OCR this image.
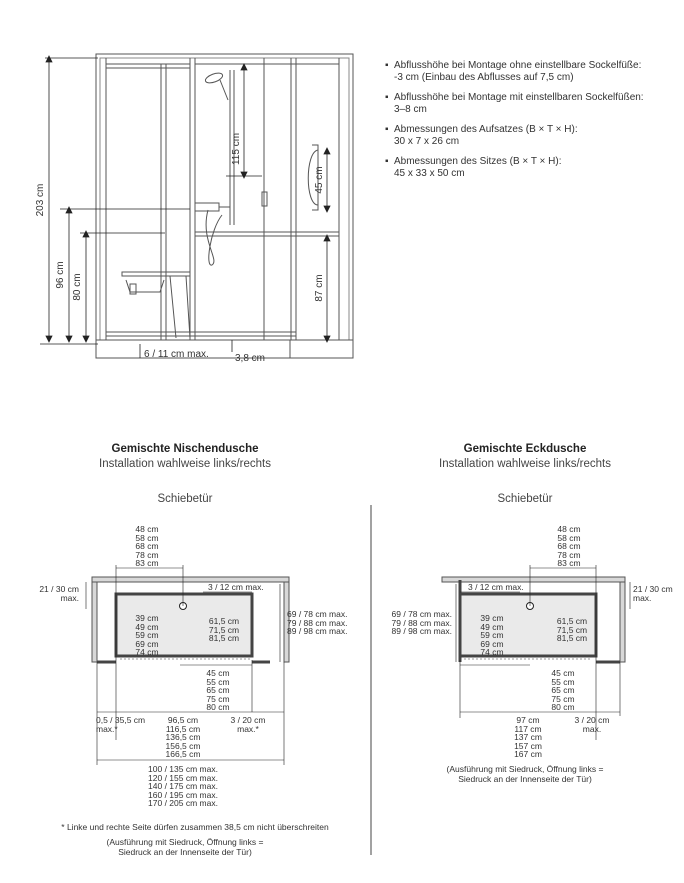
203 cm
96 cm 80 cm
115 cm
45 cm
87 cm
6 / 11 cm max.	3,8 cm
▪ Abflusshöhe bei Montage ohne einstellbare Sockelfüße:
-3 cm (Einbau des Abflusses auf 7,5 cm)
▪ Abflusshöhe bei Montage mit einstellbaren Sockelfüßen:
3–8 cm
▪ Abmessungen des Aufsatzes (B × T × H):
30 x 7 x 26 cm
▪ Abmessungen des Sitzes (B × T × H):
45 x 33 x 50 cm
Gemischte Nischendusche
Installation wahlweise links/rechts
Schiebetür
48 cm
58 cm
68 cm
78 cm
83 cm
21 / 30 cm
max.
3 / 12 cm max.
39 cm
49 cm
59 cm
69 cm
74 cm
61,5 cm
71,5 cm
81,5 cm
69 / 78 cm max.
79 / 88 cm max.
89 / 98 cm max.
45 cm
55 cm
65 cm
75 cm
80 cm
0,5 / 35,5 cm
max.*
96,5 cm
116,5 cm
136,5 cm
156,5 cm
166,5 cm
3 / 20 cm
max.*
100 / 135 cm max.
120 / 155 cm max.
140 / 175 cm max.
160 / 195 cm max.
170 / 205 cm max.
* Linke und rechte Seite dürfen zusammen 38,5 cm nicht überschreiten
(Ausführung mit Siedruck, Öffnung links =
Siedruck an der Innenseite der Tür)
Gemischte Eckdusche
Installation wahlweise links/rechts
Schiebetür
48 cm
58 cm
68 cm
78 cm
83 cm
3 / 12 cm max.	21 / 30 cm
max.
69 / 78 cm max.
79 / 88 cm max.
89 / 98 cm max.
39 cm
49 cm
59 cm
69 cm
74 cm
61,5 cm
71,5 cm
81,5 cm
45 cm
55 cm
65 cm
75 cm
80 cm
97 cm
117 cm
137 cm
157 cm
167 cm
3 / 20 cm
max.
(Ausführung mit Siedruck, Öffnung links =
Siedruck an der Innenseite der Tür)
